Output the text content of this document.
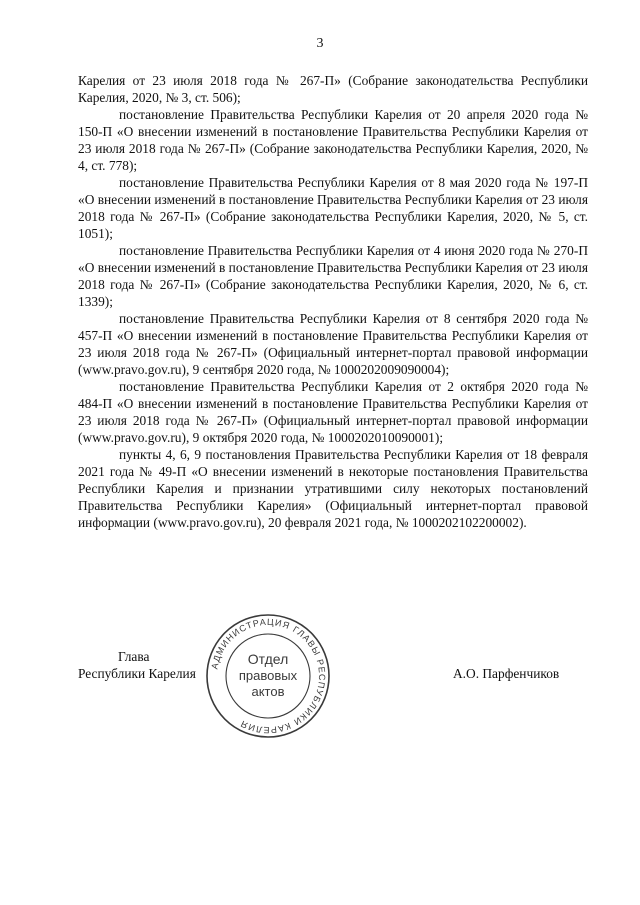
3

Карелия от 23 июля 2018 года № 267-П» (Собрание законодательства Республики Карелия, 2020, № 3, ст. 506);

постановление Правительства Республики Карелия от 20 апреля 2020 года № 150-П «О внесении изменений в постановление Правительства Республики Карелия от 23 июля 2018 года № 267-П» (Собрание законодательства Республики Карелия, 2020, № 4, ст. 778);

постановление Правительства Республики Карелия от 8 мая 2020 года № 197-П «О внесении изменений в постановление Правительства Республики Карелия от 23 июля 2018 года № 267-П» (Собрание законодательства Республики Карелия, 2020, № 5, ст. 1051);

постановление Правительства Республики Карелия от 4 июня 2020 года № 270-П «О внесении изменений в постановление Правительства Республики Карелия от 23 июля 2018 года № 267-П» (Собрание законодательства Республики Карелия, 2020, № 6, ст. 1339);

постановление Правительства Республики Карелия от 8 сентября 2020 года № 457-П «О внесении изменений в постановление Правительства Республики Карелия от 23 июля 2018 года № 267-П» (Официальный интернет-портал правовой информации (www.pravo.gov.ru), 9 сентября 2020 года, № 1000202009090004);

постановление Правительства Республики Карелия от 2 октября 2020 года № 484-П «О внесении изменений в постановление Правительства Республики Карелия от 23 июля 2018 года № 267-П» (Официальный интернет-портал правовой информации (www.pravo.gov.ru), 9 октября 2020 года, № 1000202010090001);

пункты 4, 6, 9 постановления Правительства Республики Карелия от 18 февраля 2021 года № 49-П «О внесении изменений в некоторые постановления Правительства Республики Карелия и признании утратившими силу некоторых постановлений Правительства Республики Карелия» (Официальный интернет-портал правовой информации (www.pravo.gov.ru), 20 февраля 2021 года, № 1000202102200002).

Глава
Республики Карелия
АДМИНИСТРАЦИЯ ГЛАВЫ РЕСПУБЛИКИ КАРЕЛИЯ
Отдел
правовых
актов
А.О. Парфенчиков
